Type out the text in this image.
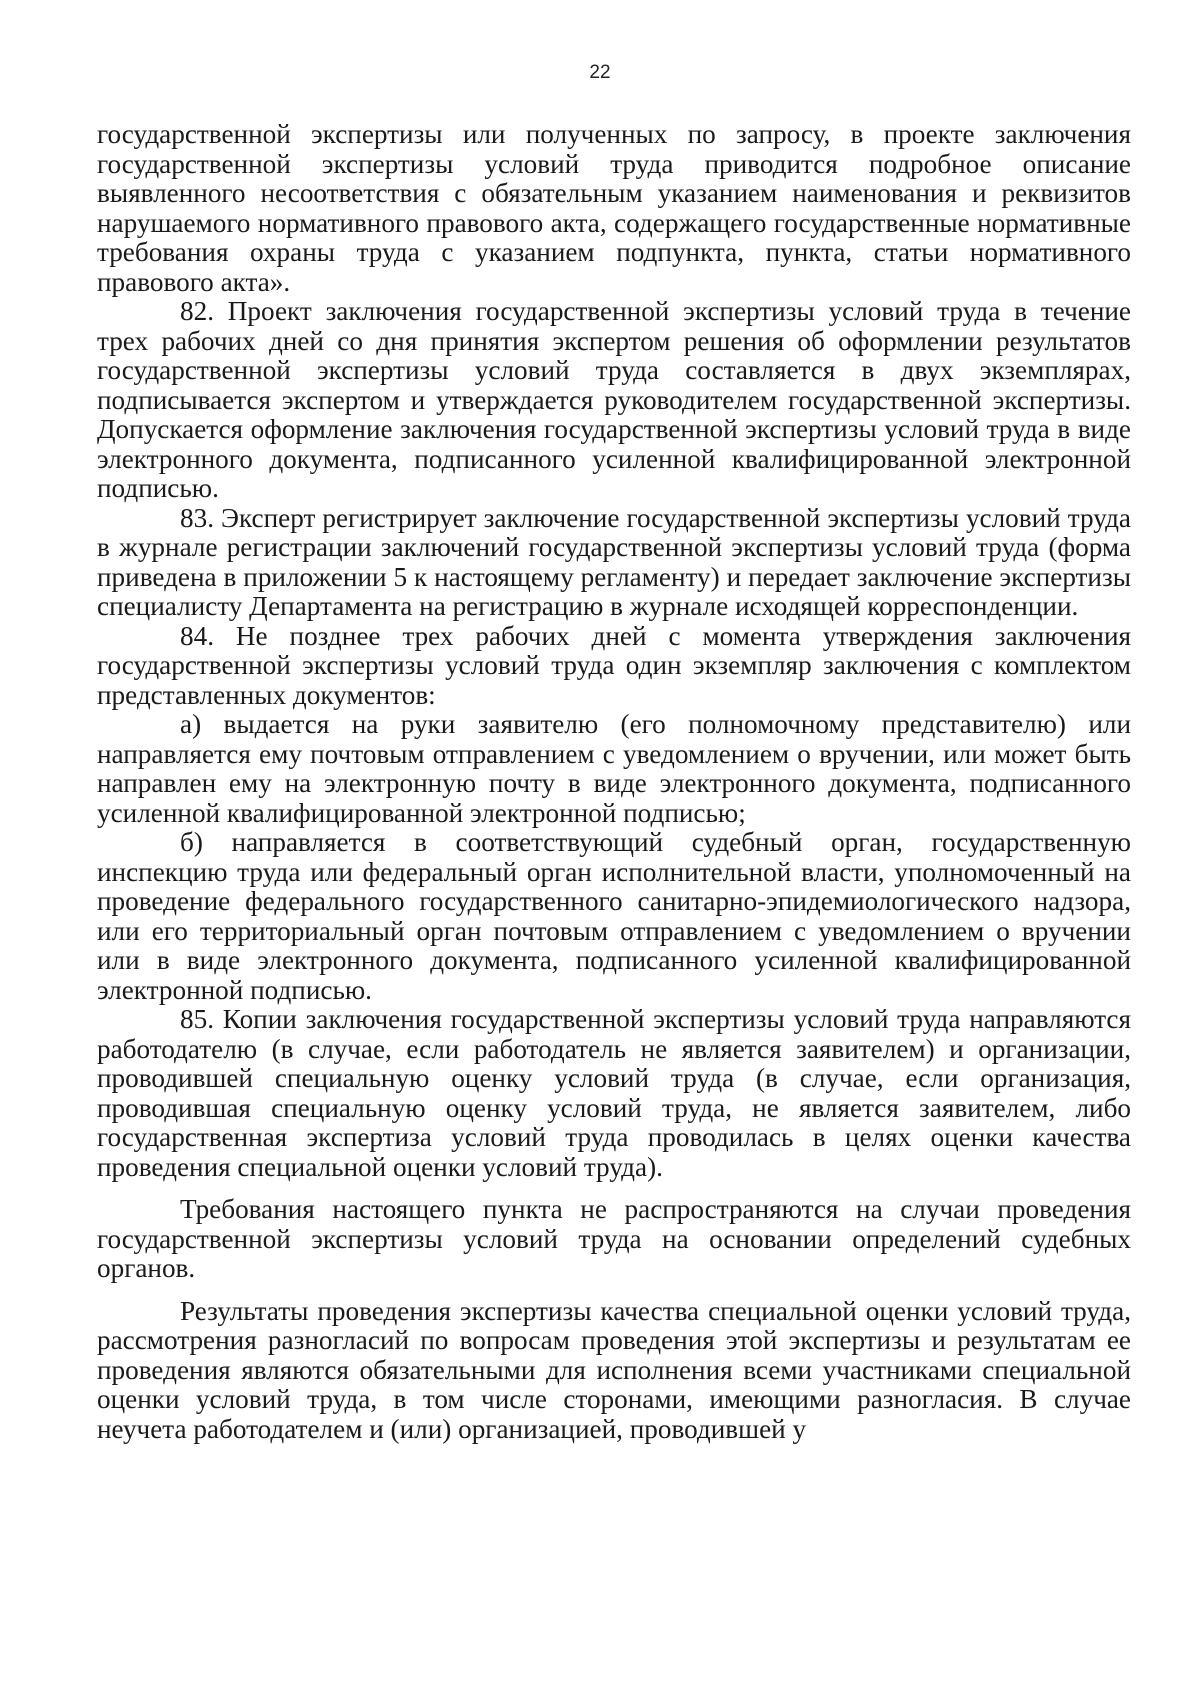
22

государственной экспертизы или полученных по запросу, в проекте заключения государственной экспертизы условий труда приводится подробное описание выявленного несоответствия с обязательным указанием наименования и реквизитов нарушаемого нормативного правового акта, содержащего государственные нормативные требования охраны труда с указанием подпункта, пункта, статьи нормативного правового акта».

82. Проект заключения государственной экспертизы условий труда в течение трех рабочих дней со дня принятия экспертом решения об оформлении результатов государственной экспертизы условий труда составляется в двух экземплярах, подписывается экспертом и утверждается руководителем государственной экспертизы. Допускается оформление заключения государственной экспертизы условий труда в виде электронного документа, подписанного усиленной квалифицированной электронной подписью.

83. Эксперт регистрирует заключение государственной экспертизы условий труда в журнале регистрации заключений государственной экспертизы условий труда (форма приведена в приложении 5 к настоящему регламенту) и передает заключение экспертизы специалисту Департамента на регистрацию в журнале исходящей корреспонденции.

84. Не позднее трех рабочих дней с момента утверждения заключения государственной экспертизы условий труда один экземпляр заключения с комплектом представленных документов:

а) выдается на руки заявителю (его полномочному представителю) или направляется ему почтовым отправлением с уведомлением о вручении, или может быть направлен ему на электронную почту в виде электронного документа, подписанного усиленной квалифицированной электронной подписью;

б) направляется в соответствующий судебный орган, государственную инспекцию труда или федеральный орган исполнительной власти, уполномоченный на проведение федерального государственного санитарно-эпидемиологического надзора, или его территориальный орган почтовым отправлением с уведомлением о вручении или в виде электронного документа, подписанного усиленной квалифицированной электронной подписью.

85. Копии заключения государственной экспертизы условий труда направляются работодателю (в случае, если работодатель не является заявителем) и организации, проводившей специальную оценку условий труда (в случае, если организация, проводившая специальную оценку условий труда, не является заявителем, либо государственная экспертиза условий труда проводилась в целях оценки качества проведения специальной оценки условий труда).

Требования настоящего пункта не распространяются на случаи проведения государственной экспертизы условий труда на основании определений судебных органов.

Результаты проведения экспертизы качества специальной оценки условий труда, рассмотрения разногласий по вопросам проведения этой экспертизы и результатам ее проведения являются обязательными для исполнения всеми участниками специальной оценки условий труда, в том числе сторонами, имеющими разногласия. В случае неучета работодателем и (или) организацией, проводившей у
